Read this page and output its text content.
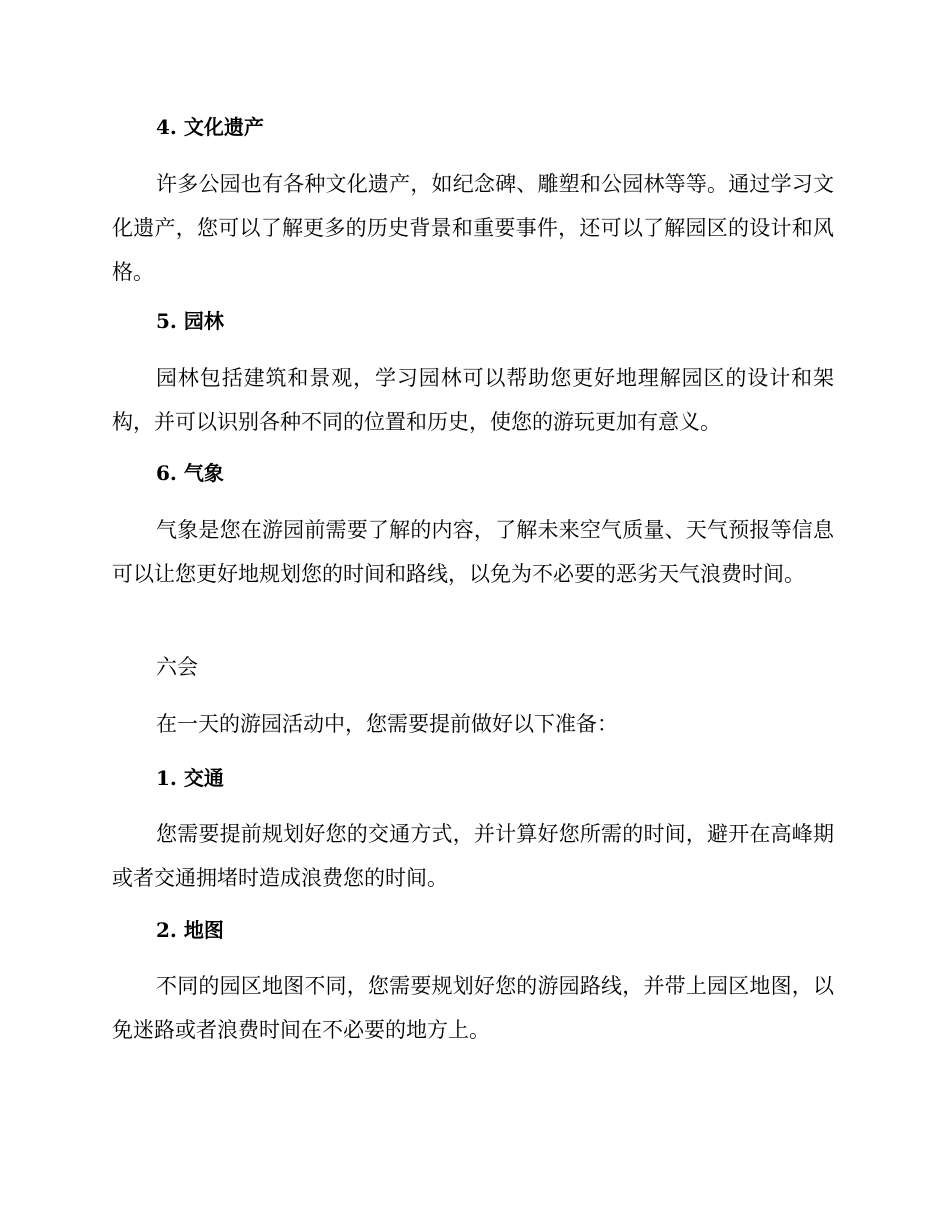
4. 文化遗产
许多公园也有各种文化遗产，如纪念碑、雕塑和公园林等等。通过学习文化遗产，您可以了解更多的历史背景和重要事件，还可以了解园区的设计和风格。
5. 园林
园林包括建筑和景观，学习园林可以帮助您更好地理解园区的设计和架构，并可以识别各种不同的位置和历史，使您的游玩更加有意义。
6. 气象
气象是您在游园前需要了解的内容，了解未来空气质量、天气预报等信息可以让您更好地规划您的时间和路线，以免为不必要的恶劣天气浪费时间。
六会
在一天的游园活动中，您需要提前做好以下准备：
1. 交通
您需要提前规划好您的交通方式，并计算好您所需的时间，避开在高峰期或者交通拥堵时造成浪费您的时间。
2. 地图
不同的园区地图不同，您需要规划好您的游园路线，并带上园区地图，以免迷路或者浪费时间在不必要的地方上。
